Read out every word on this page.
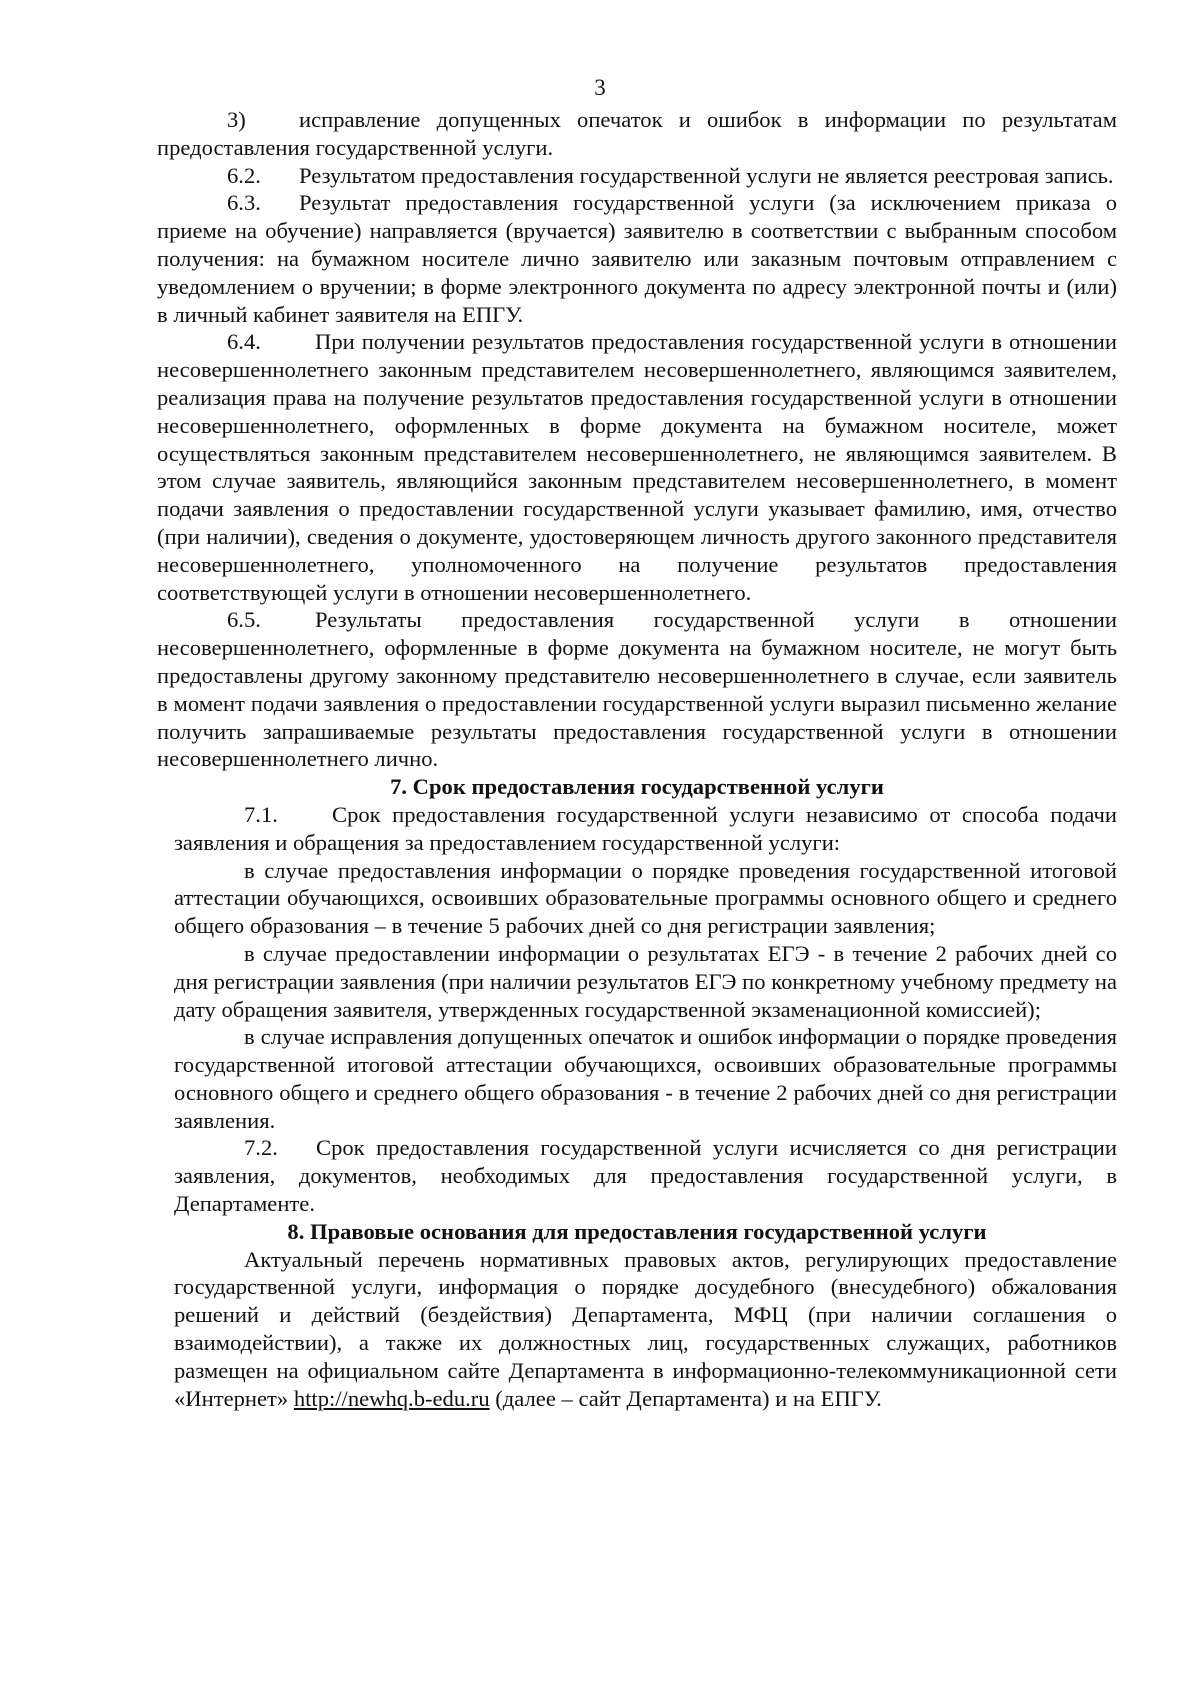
3

3) исправление допущенных опечаток и ошибок в информации по результатам предоставления государственной услуги.

6.2. Результатом предоставления государственной услуги не является реестровая запись.

6.3. Результат предоставления государственной услуги (за исключением приказа о приеме на обучение) направляется (вручается) заявителю в соответствии с выбранным способом получения: на бумажном носителе лично заявителю или заказным почтовым отправлением с уведомлением о вручении; в форме электронного документа по адресу электронной почты и (или) в личный кабинет заявителя на ЕПГУ.

6.4. При получении результатов предоставления государственной услуги в отношении несовершеннолетнего законным представителем несовершеннолетнего, являющимся заявителем, реализация права на получение результатов предоставления государственной услуги в отношении несовершеннолетнего, оформленных в форме документа на бумажном носителе, может осуществляться законным представителем несовершеннолетнего, не являющимся заявителем. В этом случае заявитель, являющийся законным представителем несовершеннолетнего, в момент подачи заявления о предоставлении государственной услуги указывает фамилию, имя, отчество (при наличии), сведения о документе, удостоверяющем личность другого законного представителя несовершеннолетнего, уполномоченного на получение результатов предоставления соответствующей услуги в отношении несовершеннолетнего.

6.5. Результаты предоставления государственной услуги в отношении несовершеннолетнего, оформленные в форме документа на бумажном носителе, не могут быть предоставлены другому законному представителю несовершеннолетнего в случае, если заявитель в момент подачи заявления о предоставлении государственной услуги выразил письменно желание получить запрашиваемые результаты предоставления государственной услуги в отношении несовершеннолетнего лично.

7. Срок предоставления государственной услуги

7.1. Срок предоставления государственной услуги независимо от способа подачи заявления и обращения за предоставлением государственной услуги:

в случае предоставления информации о порядке проведения государственной итоговой аттестации обучающихся, освоивших образовательные программы основного общего и среднего общего образования – в течение 5 рабочих дней со дня регистрации заявления;

в случае предоставлении информации о результатах ЕГЭ - в течение 2 рабочих дней со дня регистрации заявления (при наличии результатов ЕГЭ по конкретному учебному предмету на дату обращения заявителя, утвержденных государственной экзаменационной комиссией);

в случае исправления допущенных опечаток и ошибок информации о порядке проведения государственной итоговой аттестации обучающихся, освоивших образовательные программы основного общего и среднего общего образования - в течение 2 рабочих дней со дня регистрации заявления.

7.2. Срок предоставления государственной услуги исчисляется со дня регистрации заявления, документов, необходимых для предоставления государственной услуги, в Департаменте.

8. Правовые основания для предоставления государственной услуги

Актуальный перечень нормативных правовых актов, регулирующих предоставление государственной услуги, информация о порядке досудебного (внесудебного) обжалования решений и действий (бездействия) Департамента, МФЦ (при наличии соглашения о взаимодействии), а также их должностных лиц, государственных служащих, работников размещен на официальном сайте Департамента в информационно-телекоммуникационной сети «Интернет» http://newhq.b-edu.ru (далее – сайт Департамента) и на ЕПГУ.
